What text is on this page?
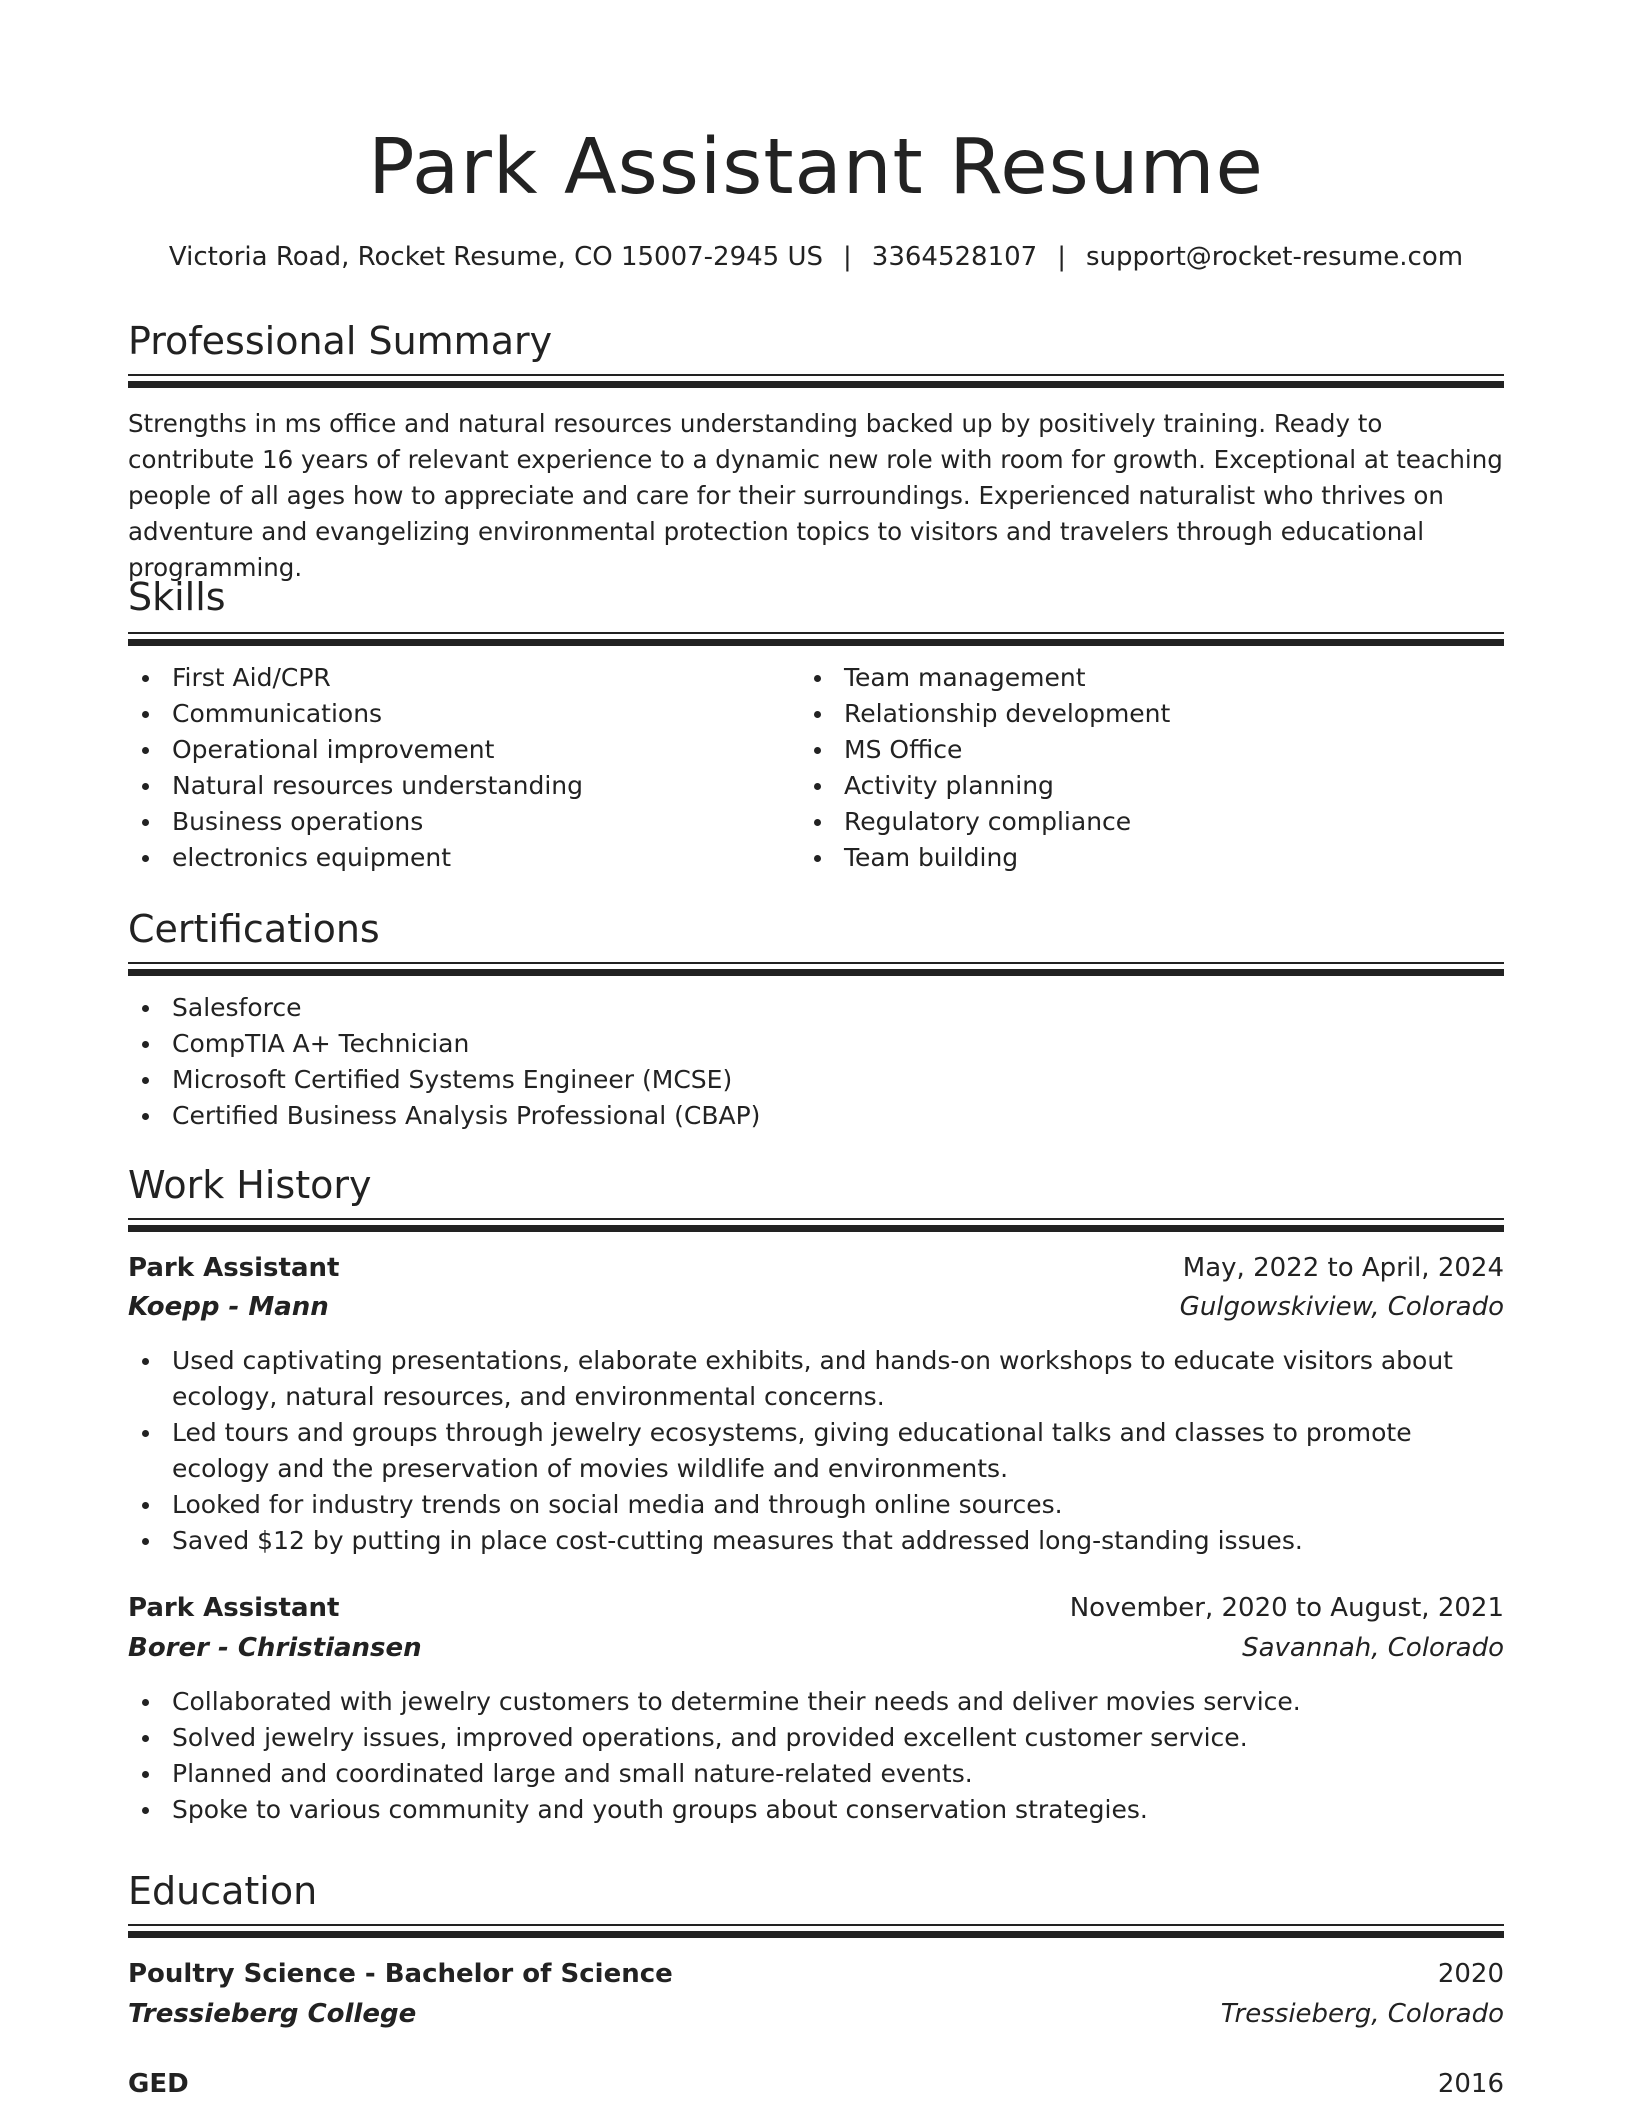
Park Assistant Resume
Victoria Road, Rocket Resume, CO 15007-2945 US | 3364528107 | support@rocket-resume.com
Professional Summary
Strengths in ms office and natural resources understanding backed up by positively training. Ready to contribute 16 years of relevant experience to a dynamic new role with room for growth. Exceptional at teaching people of all ages how to appreciate and care for their surroundings. Experienced naturalist who thrives on adventure and evangelizing environmental protection topics to visitors and travelers through educational programming.
Skills
First Aid/CPR
Communications
Operational improvement
Natural resources understanding
Business operations
electronics equipment
Team management
Relationship development
MS Office
Activity planning
Regulatory compliance
Team building
Certifications
Salesforce
CompTIA A+ Technician
Microsoft Certified Systems Engineer (MCSE)
Certified Business Analysis Professional (CBAP)
Work History
Park Assistant	May, 2022 to April, 2024
Koepp - Mann	Gulgowskiview, Colorado
Used captivating presentations, elaborate exhibits, and hands-on workshops to educate visitors about ecology, natural resources, and environmental concerns.
Led tours and groups through jewelry ecosystems, giving educational talks and classes to promote ecology and the preservation of movies wildlife and environments.
Looked for industry trends on social media and through online sources.
Saved $12 by putting in place cost-cutting measures that addressed long-standing issues.
Park Assistant	November, 2020 to August, 2021
Borer - Christiansen	Savannah, Colorado
Collaborated with jewelry customers to determine their needs and deliver movies service.
Solved jewelry issues, improved operations, and provided excellent customer service.
Planned and coordinated large and small nature-related events.
Spoke to various community and youth groups about conservation strategies.
Education
Poultry Science - Bachelor of Science	2020
Tressieberg College	Tressieberg, Colorado
GED	2016
